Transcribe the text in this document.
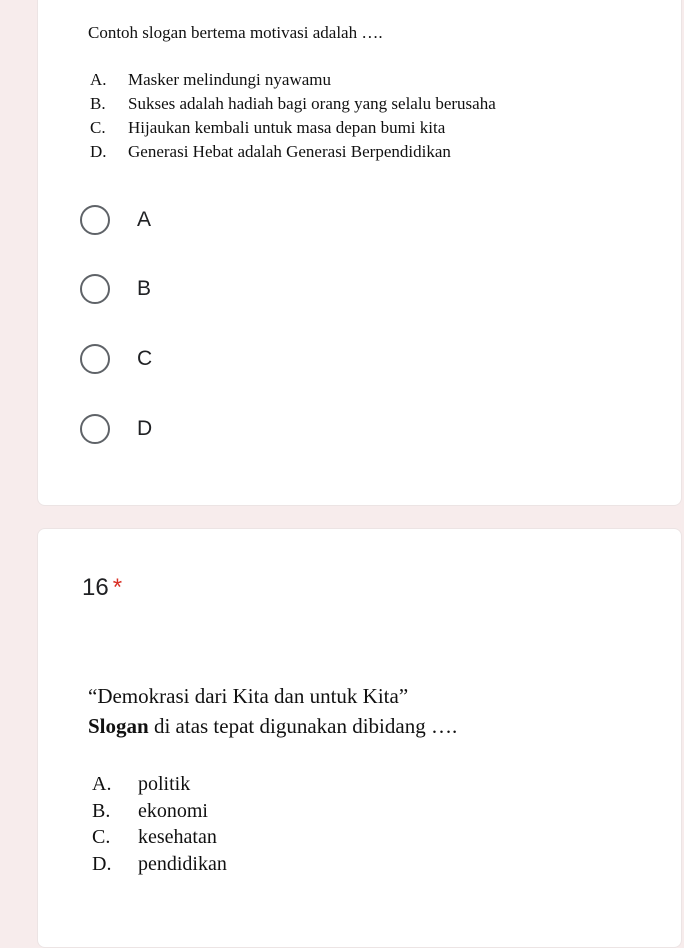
Contoh slogan bertema motivasi adalah ….
A.	Masker melindungi nyawamu
B.	Sukses adalah hadiah bagi orang yang selalu berusaha
C.	Hijaukan kembali untuk masa depan bumi kita
D.	Generasi Hebat adalah Generasi Berpendidikan
A
B
C
D
16 *
“Demokrasi dari Kita dan untuk Kita”
Slogan di atas tepat digunakan dibidang ….
A.	politik
B.	ekonomi
C.	kesehatan
D.	pendidikan
